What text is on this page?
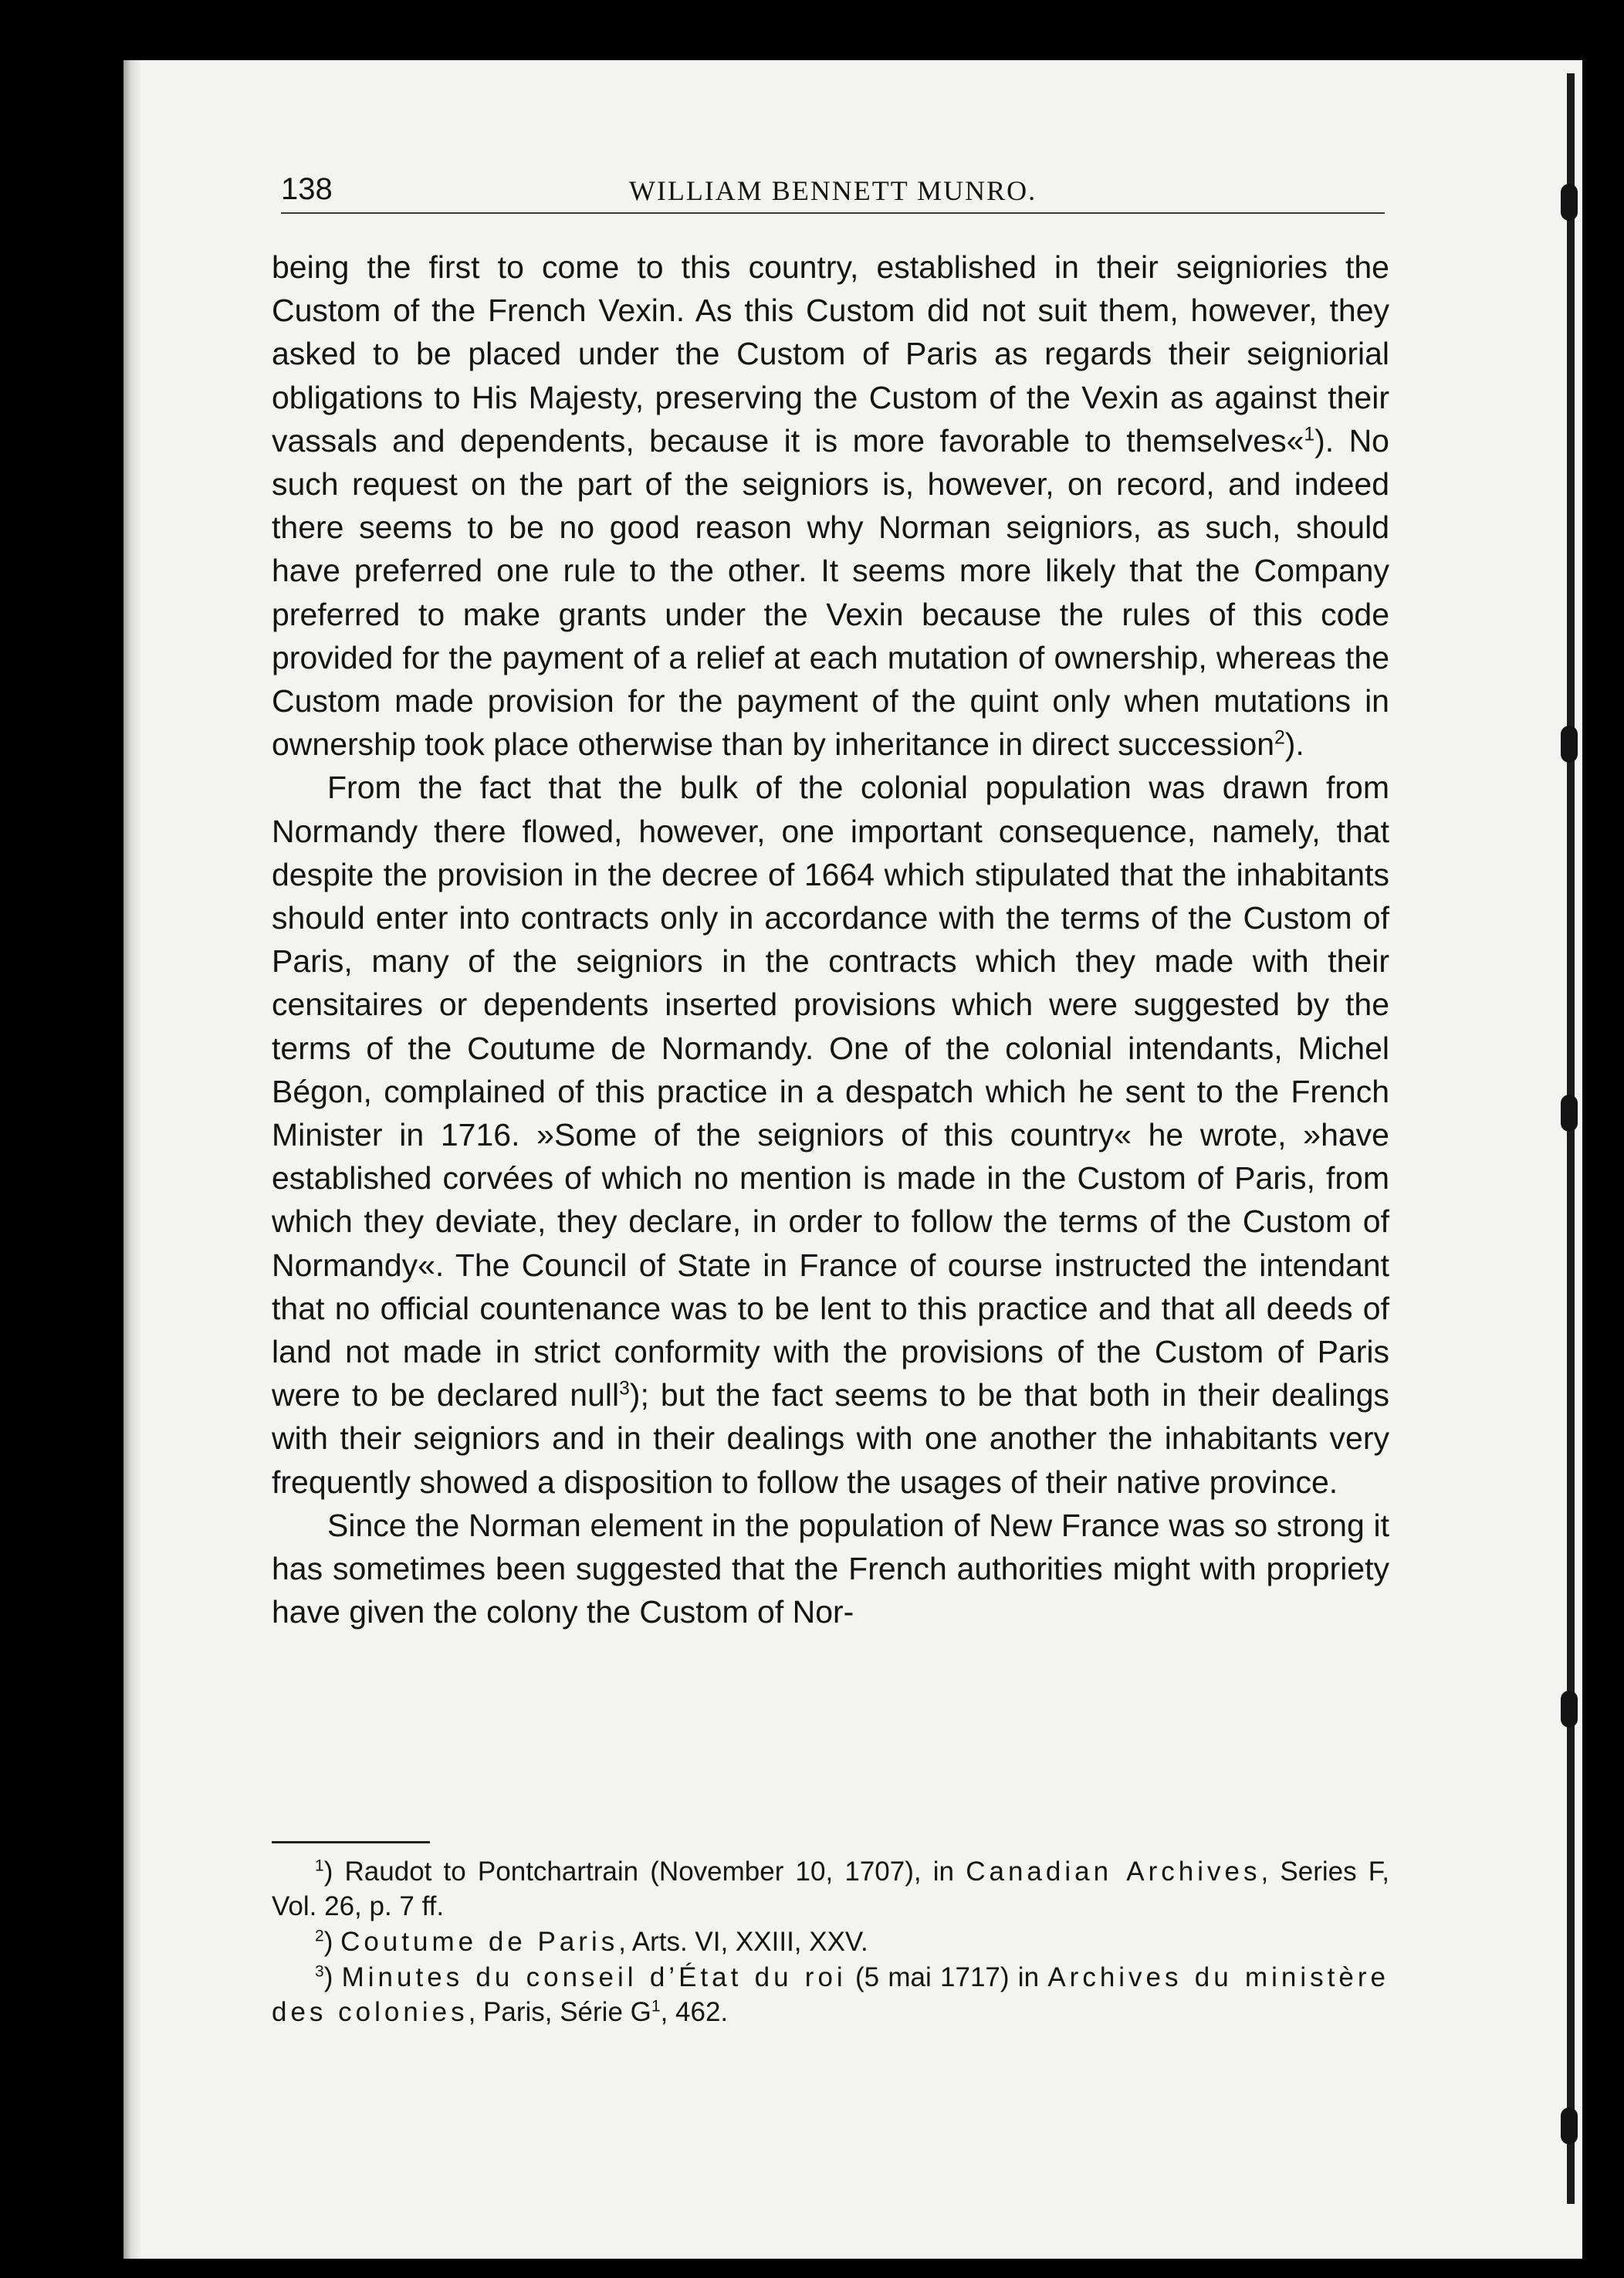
138	WILLIAM BENNETT MUNRO.

being the first to come to this country, established in their seigniories the Custom of the French Vexin. As this Custom did not suit them, however, they asked to be placed under the Custom of Paris as regards their seigniorial obligations to His Majesty, preserving the Custom of the Vexin as against their vassals and dependents, because it is more favorable to themselves«$^1$). No such request on the part of the seigniors is, however, on record, and indeed there seems to be no good reason why Norman seigniors, as such, should have preferred one rule to the other. It seems more likely that the Company preferred to make grants under the Vexin because the rules of this code provided for the payment of a relief at each mutation of ownership, whereas the Custom made provision for the payment of the quint only when mutations in ownership took place otherwise than by inheritance in direct succession$^2$).

From the fact that the bulk of the colonial population was drawn from Normandy there flowed, however, one important consequence, namely, that despite the provision in the decree of 1664 which stipulated that the inhabitants should enter into contracts only in accordance with the terms of the Custom of Paris, many of the seigniors in the contracts which they made with their censitaires or dependents inserted provisions which were suggested by the terms of the Coutume de Normandy. One of the colonial intendants, Michel Bégon, complained of this practice in a despatch which he sent to the French Minister in 1716. »Some of the seigniors of this country« he wrote, »have established corvées of which no mention is made in the Custom of Paris, from which they deviate, they declare, in order to follow the terms of the Custom of Normandy«. The Council of State in France of course instructed the intendant that no official countenance was to be lent to this practice and that all deeds of land not made in strict conformity with the provisions of the Custom of Paris were to be declared null$^3$); but the fact seems to be that both in their dealings with their seigniors and in their dealings with one another the inhabitants very frequently showed a disposition to follow the usages of their native province.

Since the Norman element in the population of New France was so strong it has sometimes been suggested that the French authorities might with propriety have given the colony the Custom of Nor-

$^1$) Raudot to Pontchartrain (November 10, 1707), in Canadian Archives, Series F, Vol. 26, p. 7 ff.

$^2$) Coutume de Paris, Arts. VI, XXIII, XXV.

$^3$) Minutes du conseil d’État du roi (5 mai 1717) in Archives du ministère des colonies, Paris, Série $G^1$, 462.
